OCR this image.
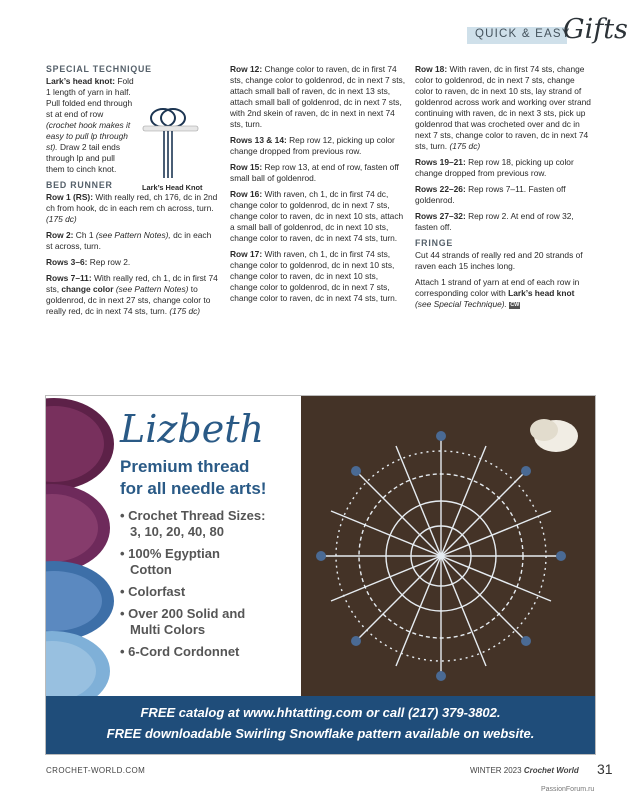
QUICK & EASY
Gifts
SPECIAL TECHNIQUE

Lark’s head knot: Fold 1 length of yarn in half. Pull folded end through st at end of row (crochet hook makes it easy to pull lp through st). Draw 2 tail ends through lp and pull them to cinch knot.

Lark’s Head Knot
BED RUNNER

Row 1 (RS): With really red, ch 176, dc in 2nd ch from hook, dc in each rem ch across, turn. (175 dc)

Row 2: Ch 1 (see Pattern Notes), dc in each st across, turn.

Rows 3–6: Rep row 2.

Rows 7–11: With really red, ch 1, dc in first 74 sts, change color (see Pattern Notes) to goldenrod, dc in next 27 sts, change color to really red, dc in next 74 sts, turn. (175 dc)

Row 12: Change color to raven, dc in first 74 sts, change color to goldenrod, dc in next 7 sts, attach small ball of raven, dc in next 13 sts, attach small ball of goldenrod, dc in next 7 sts, with 2nd skein of raven, dc in next in next 74 sts, turn.

Rows 13 & 14: Rep row 12, picking up color change dropped from previous row.

Row 15: Rep row 13, at end of row, fasten off small ball of goldenrod.

Row 16: With raven, ch 1, dc in first 74 dc, change color to goldenrod, dc in next 7 sts, change color to raven, dc in next 10 sts, attach a small ball of goldenrod, dc in next 10 sts, change color to raven, dc in next 74 sts, turn.

Row 17: With raven, ch 1, dc in first 74 sts, change color to goldenrod, dc in next 10 sts, change color to raven, dc in next 10 sts, change color to goldenrod, dc in next 7 sts, change color to raven, dc in next 74 sts, turn.

Row 18: With raven, dc in first 74 sts, change color to goldenrod, dc in next 7 sts, change color to raven, dc in next 10 sts, lay strand of goldenrod across work and working over strand continuing with raven, dc in next 3 sts, pick up goldenrod that was crocheted over and dc in next 7 sts, change color to raven, dc in next 74 sts, turn. (175 dc)

Rows 19–21: Rep row 18, picking up color change dropped from previous row.

Rows 22–26: Rep rows 7–11. Fasten off goldenrod.

Rows 27–32: Rep row 2. At end of row 32, fasten off.

FRINGE

Cut 44 strands of really red and 20 strands of raven each 15 inches long.

Attach 1 strand of yarn at end of each row in corresponding color with Lark’s head knot (see Special Technique). CW

Lizbeth
Premium thread
for all needle arts!
• Crochet Thread Sizes:
3, 10, 20, 40, 80
• 100% Egyptian
Cotton
• Colorfast
• Over 200 Solid and
Multi Colors
• 6-Cord Cordonnet
FREE catalog at www.hhtatting.com or call (217) 379-3802.
FREE downloadable Swirling Snowflake pattern available on website.
CROCHET-WORLD.COM	WINTER 2023 Crochet World 31
PassionForum.ru
